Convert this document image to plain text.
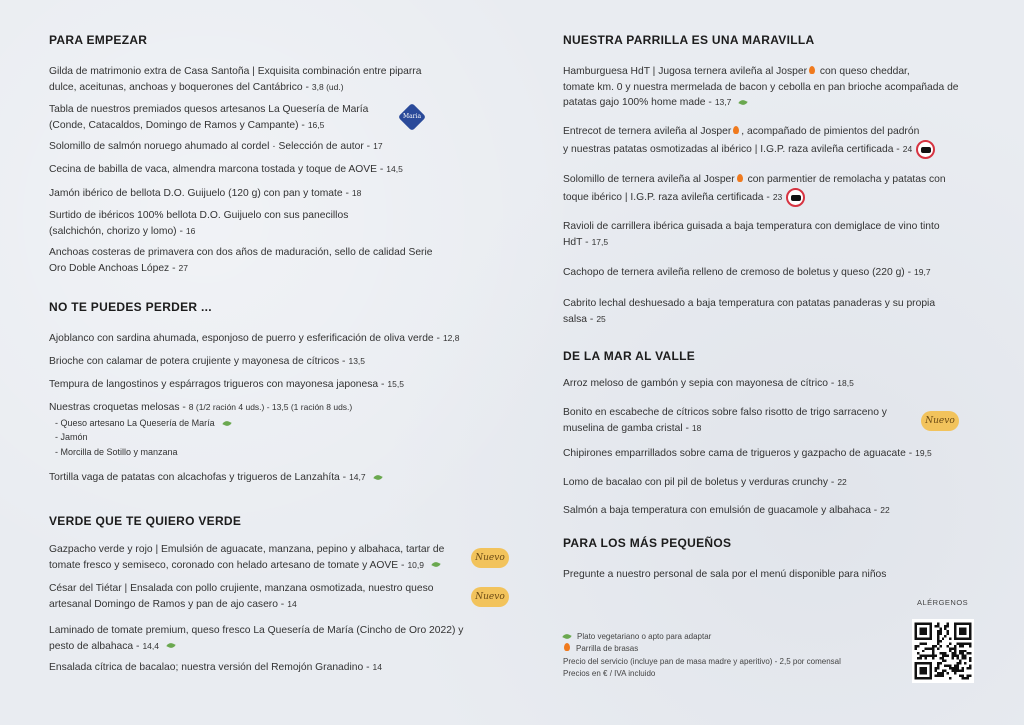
PARA EMPEZAR
Gilda de matrimonio extra de Casa Santoña | Exquisita combinación entre piparra
dulce, aceitunas, anchoas y boquerones del Cantábrico - 3,8 (ud.)
Tabla de nuestros premiados quesos artesanos La Quesería de María
(Conde, Catacaldos, Domingo de Ramos y Campante) - 16,5
Maria
Solomillo de salmón noruego ahumado al cordel · Selección de autor - 17
Cecina de babilla de vaca, almendra marcona tostada y toque de AOVE - 14,5
Jamón ibérico de bellota D.O. Guijuelo (120 g) con pan y tomate - 18
Surtido de ibéricos 100% bellota D.O. Guijuelo con sus panecillos
(salchichón, chorizo y lomo) - 16
Anchoas costeras de primavera con dos años de maduración, sello de calidad Serie
Oro Doble Anchoas López - 27
NO TE PUEDES PERDER ...
Ajoblanco con sardina ahumada, esponjoso de puerro y esferificación de oliva verde - 12,8
Brioche con calamar de potera crujiente y mayonesa de cítricos - 13,5
Tempura de langostinos y espárragos trigueros con mayonesa japonesa - 15,5
Nuestras croquetas melosas - 8 (1/2 ración 4 uds.) - 13,5 (1 ración 8 uds.)
- Queso artesano La Quesería de María
- Jamón
- Morcilla de Sotillo y manzana
Tortilla vaga de patatas con alcachofas y trigueros de Lanzahíta - 14,7
VERDE QUE TE QUIERO VERDE
Gazpacho verde y rojo | Emulsión de aguacate, manzana, pepino y albahaca, tartar de
tomate fresco y semiseco, coronado con helado artesano de tomate y AOVE - 10,9
Nuevo
César del Tiétar | Ensalada con pollo crujiente, manzana osmotizada, nuestro queso
artesanal Domingo de Ramos y pan de ajo casero - 14
Nuevo
Laminado de tomate premium, queso fresco La Quesería de María (Cincho de Oro 2022) y
pesto de albahaca - 14,4
Ensalada cítrica de bacalao; nuestra versión del Remojón Granadino - 14
NUESTRA PARRILLA ES UNA MARAVILLA
Hamburguesa HdT | Jugosa ternera avileña al Josper con queso cheddar,
tomate km. 0 y nuestra mermelada de bacon y cebolla en pan brioche acompañada de
patatas gajo 100% home made - 13,7
Entrecot de ternera avileña al Josper , acompañado de pimientos del padrón
y nuestras patatas osmotizadas al ibérico | I.G.P. raza avileña certificada - 24
Solomillo de ternera avileña al Josper con parmentier de remolacha y patatas con
toque ibérico | I.G.P. raza avileña certificada - 23
Ravioli de carrillera ibérica guisada a baja temperatura con demiglace de vino tinto
HdT - 17,5
Cachopo de ternera avileña relleno de cremoso de boletus y queso (220 g) - 19,7
Cabrito lechal deshuesado a baja temperatura con patatas panaderas y su propia
salsa - 25
DE LA MAR AL VALLE
Arroz meloso de gambón y sepia con mayonesa de cítrico - 18,5
Bonito en escabeche de cítricos sobre falso risotto de trigo sarraceno y
muselina de gamba cristal - 18
Nuevo
Chipirones emparrillados sobre cama de trigueros y gazpacho de aguacate - 19,5
Lomo de bacalao con pil pil de boletus y verduras crunchy - 22
Salmón a baja temperatura con emulsión de guacamole y albahaca - 22
PARA LOS MÁS PEQUEÑOS
Pregunte a nuestro personal de sala por el menú disponible para niños
Plato vegetariano o apto para adaptar
Parrilla de brasas
Precio del servicio (incluye pan de masa madre y aperitivo) - 2,5 por comensal
Precios en € / IVA incluido
ALÉRGENOS
